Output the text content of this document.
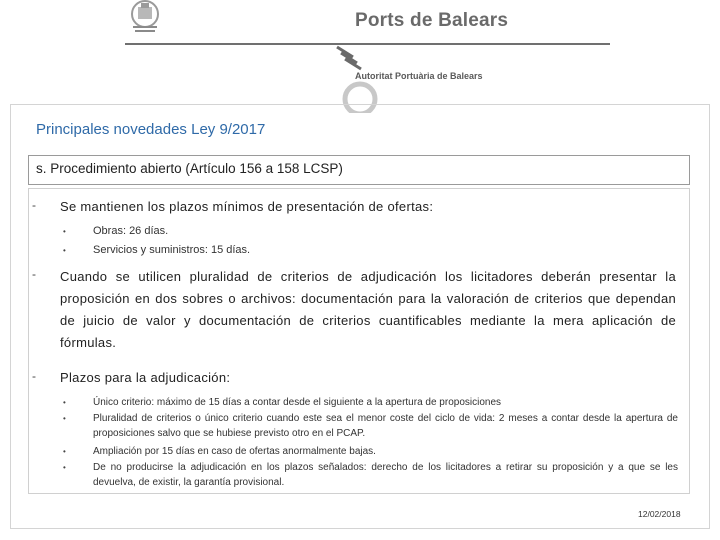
Ports de Balears
Autoritat Portuària de Balears
Principales novedades Ley 9/2017
s. Procedimiento abierto (Artículo 156 a 158 LCSP)
- Se mantienen los plazos mínimos de presentación de ofertas:
• Obras: 26 días.
• Servicios y suministros: 15 días.
- Cuando se utilicen pluralidad de criterios de adjudicación los licitadores deberán presentar la proposición en dos sobres o archivos: documentación para la valoración de criterios que dependan de juicio de valor y documentación de criterios cuantificables mediante la mera aplicación de fórmulas.
- Plazos para la adjudicación:
•	Único criterio: máximo de 15 días a contar desde el siguiente a la apertura de proposiciones
•	Pluralidad de criterios o único criterio cuando este sea el menor coste del ciclo de vida: 2 meses a contar desde la apertura de proposiciones salvo que se hubiese previsto otro en el PCAP.
•	Ampliación por 15 días en caso de ofertas anormalmente bajas.
•	De no producirse la adjudicación en los plazos señalados: derecho de los licitadores a retirar su proposición y a que se les devuelva, de existir, la garantía provisional.
12/02/2018
